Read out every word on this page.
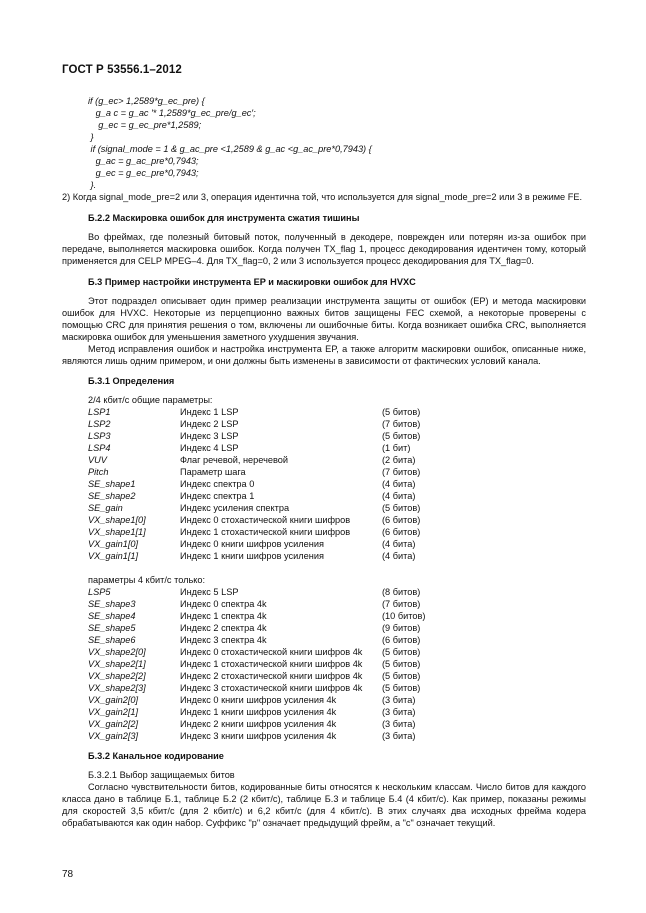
ГОСТ Р 53556.1–2012
if (g_ec> 1,2589*g_ec_pre) {
g_a c = g_ac ′* 1,2589*g_ec_pre/g_ec′;
g_ec = g_ec_pre*1,2589;
}
if (signal_mode = 1 & g_ac_pre <1,2589 & g_ac <g_ac_pre*0,7943) {
g_ac = g_ac_pre*0,7943;
g_ec = g_ec_pre*0,7943;
}.
2) Когда signal_mode_pre=2 или 3, операция идентична той, что используется для signal_mode_pre=2 или 3 в режиме FE.
Б.2.2 Маскировка ошибок для инструмента сжатия тишины
Во фреймах, где полезный битовый поток, полученный в декодере, поврежден или потерян из-за ошибок при передаче, выполняется маскировка ошибок. Когда получен TX_flag 1, процесс декодирования идентичен тому, который применяется для CELP MPEG–4. Для TX_flag=0, 2 или 3 используется процесс декодирования для TX_flag=0.
Б.3 Пример настройки инструмента EP и маскировки ошибок для HVXC
Этот подраздел описывает один пример реализации инструмента защиты от ошибок (EP) и метода маскировки ошибок для HVXC. Некоторые из перцепционно важных битов защищены FEC схемой, а некоторые проверены с помощью CRC для принятия решения о том, включены ли ошибочные биты. Когда возникает ошибка CRC, выполняется маскировка ошибок для уменьшения заметного ухудшения звучания.
Метод исправления ошибок и настройка инструмента EP, а также алгоритм маскировки ошибок, описанные ниже, являются лишь одним примером, и они должны быть изменены в зависимости от фактических условий канала.
Б.3.1 Определения
2/4 кбит/с общие параметры:
LSP1	Индекс 1 LSP	(5 битов)
LSP2	Индекс 2 LSP	(7 битов)
LSP3	Индекс 3 LSP	(5 битов)
LSP4	Индекс 4 LSP	(1 бит)
VUV	Флаг речевой, неречевой	(2 бита)
Pitch	Параметр шага	(7 битов)
SE_shape1	Индекс спектра 0	(4 бита)
SE_shape2	Индекс спектра 1	(4 бита)
SE_gain	Индекс усиления спектра	(5 битов)
VX_shape1[0]	Индекс 0 стохастической книги шифров	(6 битов)
VX_shape1[1]	Индекс 1 стохастической книги шифров	(6 битов)
VX_gain1[0]	Индекс 0 книги шифров усиления	(4 бита)
VX_gain1[1]	Индекс 1 книги шифров усиления	(4 бита)
параметры 4 кбит/с только:
LSP5	Индекс 5 LSP	(8 битов)
SE_shape3	Индекс 0 спектра 4k	(7 битов)
SE_shape4	Индекс 1 спектра 4k	(10 битов)
SE_shape5	Индекс 2 спектра 4k	(9 битов)
SE_shape6	Индекс 3 спектра 4k	(6 битов)
VX_shape2[0]	Индекс 0 стохастической книги шифров 4k	(5 битов)
VX_shape2[1]	Индекс 1 стохастической книги шифров 4k	(5 битов)
VX_shape2[2]	Индекс 2 стохастической книги шифров 4k	(5 битов)
VX_shape2[3]	Индекс 3 стохастической книги шифров 4k	(5 битов)
VX_gain2[0]	Индекс 0 книги шифров усиления 4k	(3 бита)
VX_gain2[1]	Индекс 1 книги шифров усиления 4k	(3 бита)
VX_gain2[2]	Индекс 2 книги шифров усиления 4k	(3 бита)
VX_gain2[3]	Индекс 3 книги шифров усиления 4k	(3 бита)
Б.3.2 Канальное кодирование
Б.3.2.1 Выбор защищаемых битов
Согласно чувствительности битов, кодированные биты относятся к нескольким классам. Число битов для каждого класса дано в таблице Б.1, таблице Б.2 (2 кбит/с), таблице Б.3 и таблице Б.4 (4 кбит/с). Как пример, показаны режимы для скоростей 3,5 кбит/с (для 2 кбит/с) и 6,2 кбит/с (для 4 кбит/с). В этих случаях два исходных фрейма кодера обрабатываются как один набор. Суффикс "р" означает предыдущий фрейм, а "с" означает текущий.
78
